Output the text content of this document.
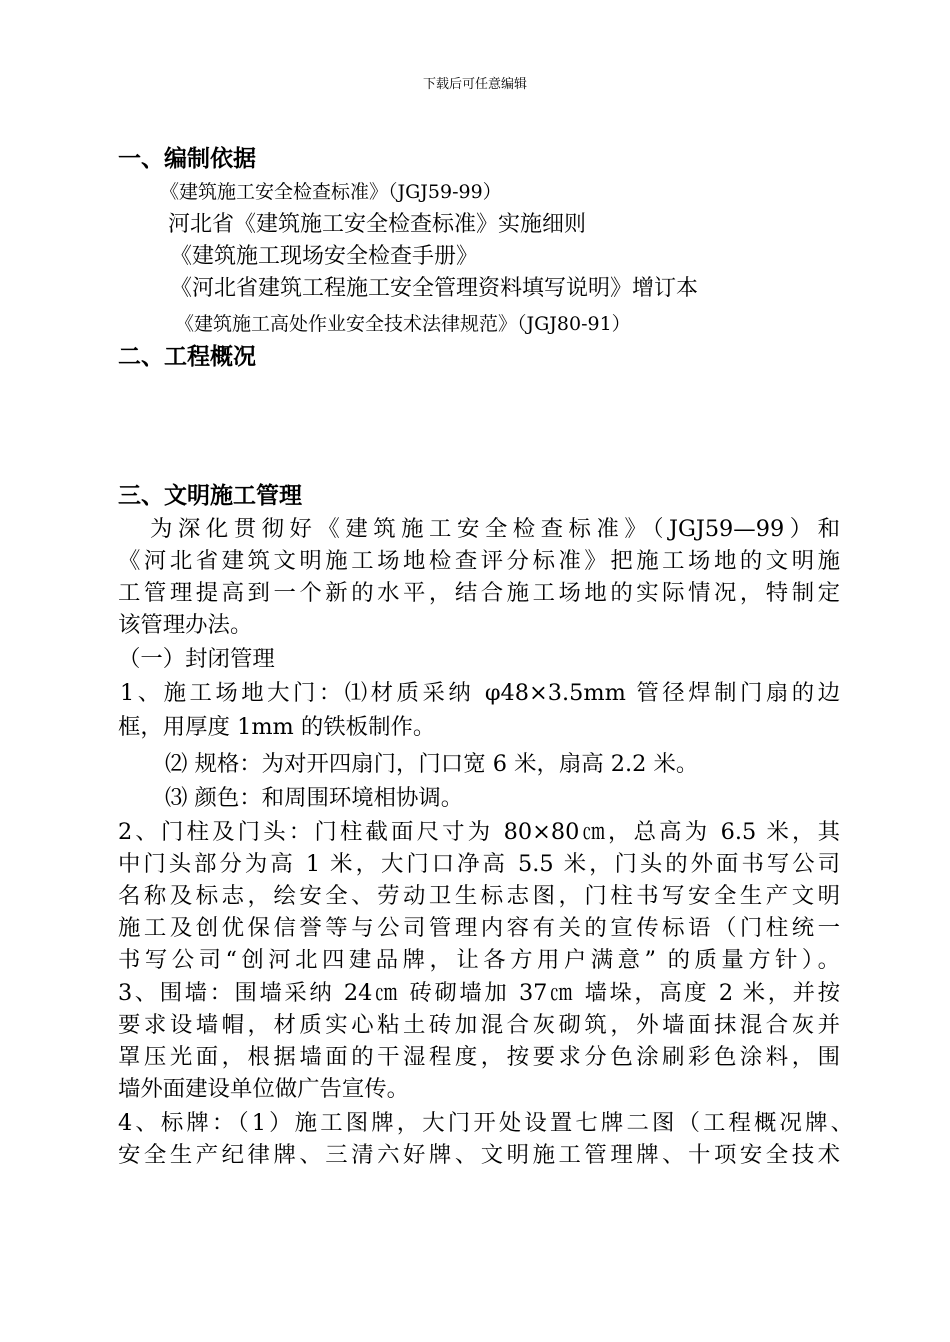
下载后可任意编辑
一、编制依据
《建筑施工安全检查标准》（JGJ59-99）
河北省《建筑施工安全检查标准》实施细则
《建筑施工现场安全检查手册》
《河北省建筑工程施工安全管理资料填写说明》增订本
《建筑施工高处作业安全技术法律规范》（JGJ80-91）
二、工程概况
三、文明施工管理
为深化贯彻好《建筑施工安全检查标准》（JGJ59—99）和
《河北省建筑文明施工场地检查评分标准》把施工场地的文明施
工管理提高到一个新的水平，结合施工场地的实际情况，特制定
该管理办法。
（一）封闭管理
1、施工场地大门：⑴材质采纳 φ48×3.5mm 管径焊制门扇的边
框，用厚度 1mm 的铁板制作。
⑵ 规格：为对开四扇门，门口宽 6 米，扇高 2.2 米。
⑶ 颜色：和周围环境相协调。
2、门柱及门头：门柱截面尺寸为 80×80㎝，总高为 6.5 米，其
中门头部分为高 1 米，大门口净高 5.5 米，门头的外面书写公司
名称及标志，绘安全、劳动卫生标志图，门柱书写安全生产文明
施工及创优保信誉等与公司管理内容有关的宣传标语（门柱统一
书写公司“创河北四建品牌，让各方用户满意” 的质量方针）。
3、围墙：围墙采纳 24㎝ 砖砌墙加 37㎝ 墙垛，高度 2 米，并按
要求设墙帽，材质实心粘土砖加混合灰砌筑，外墙面抹混合灰并
罩压光面，根据墙面的干湿程度，按要求分色涂刷彩色涂料，围
墙外面建设单位做广告宣传。
4、标牌：（1）施工图牌，大门开处设置七牌二图（工程概况牌、
安全生产纪律牌、三清六好牌、文明施工管理牌、十项安全技术
